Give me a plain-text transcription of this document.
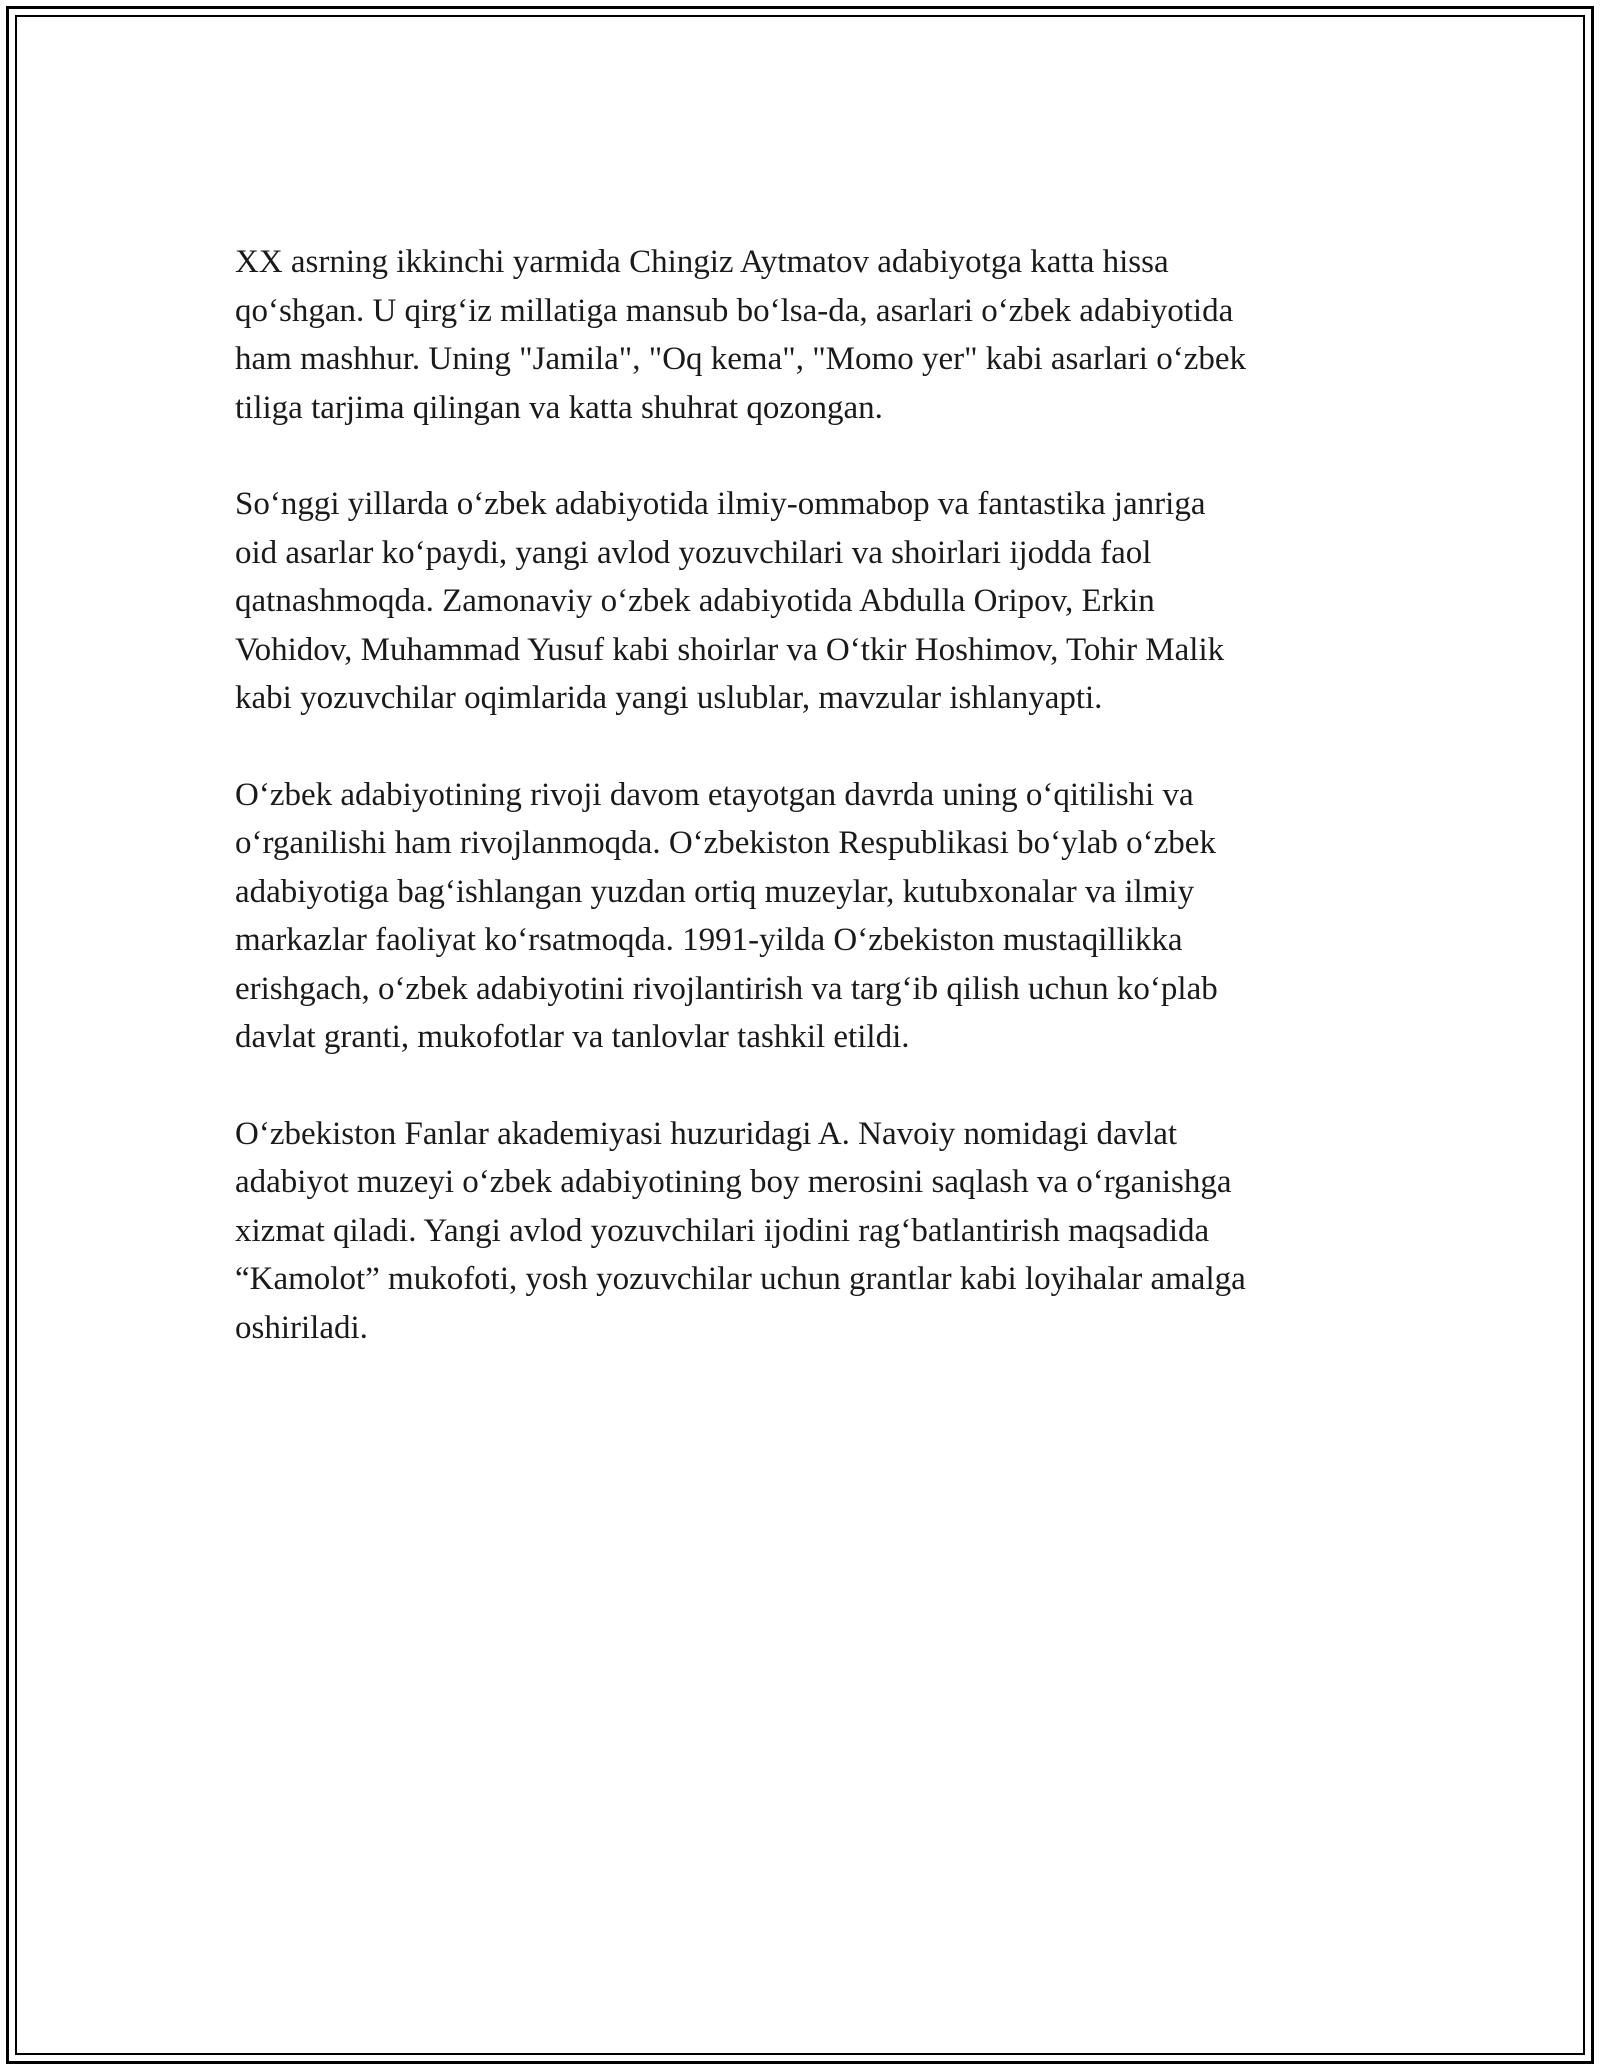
XX asrning ikkinchi yarmida Chingiz Aytmatov adabiyotga katta hissa
qo‘shgan. U qirg‘iz millatiga mansub bo‘lsa-da, asarlari o‘zbek adabiyotida
ham mashhur. Uning "Jamila", "Oq kema", "Momo yer" kabi asarlari o‘zbek
tiliga tarjima qilingan va katta shuhrat qozongan.

So‘nggi yillarda o‘zbek adabiyotida ilmiy-ommabop va fantastika janriga
oid asarlar ko‘paydi, yangi avlod yozuvchilari va shoirlari ijodda faol
qatnashmoqda. Zamonaviy o‘zbek adabiyotida Abdulla Oripov, Erkin
Vohidov, Muhammad Yusuf kabi shoirlar va O‘tkir Hoshimov, Tohir Malik
kabi yozuvchilar oqimlarida yangi uslublar, mavzular ishlanyapti.

O‘zbek adabiyotining rivoji davom etayotgan davrda uning o‘qitilishi va
o‘rganilishi ham rivojlanmoqda. O‘zbekiston Respublikasi bo‘ylab o‘zbek
adabiyotiga bag‘ishlangan yuzdan ortiq muzeylar, kutubxonalar va ilmiy
markazlar faoliyat ko‘rsatmoqda. 1991-yilda O‘zbekiston mustaqillikka
erishgach, o‘zbek adabiyotini rivojlantirish va targ‘ib qilish uchun ko‘plab
davlat granti, mukofotlar va tanlovlar tashkil etildi.

O‘zbekiston Fanlar akademiyasi huzuridagi A. Navoiy nomidagi davlat
adabiyot muzeyi o‘zbek adabiyotining boy merosini saqlash va o‘rganishga
xizmat qiladi. Yangi avlod yozuvchilari ijodini rag‘batlantirish maqsadida
“Kamolot” mukofoti, yosh yozuvchilar uchun grantlar kabi loyihalar amalga
oshiriladi.
